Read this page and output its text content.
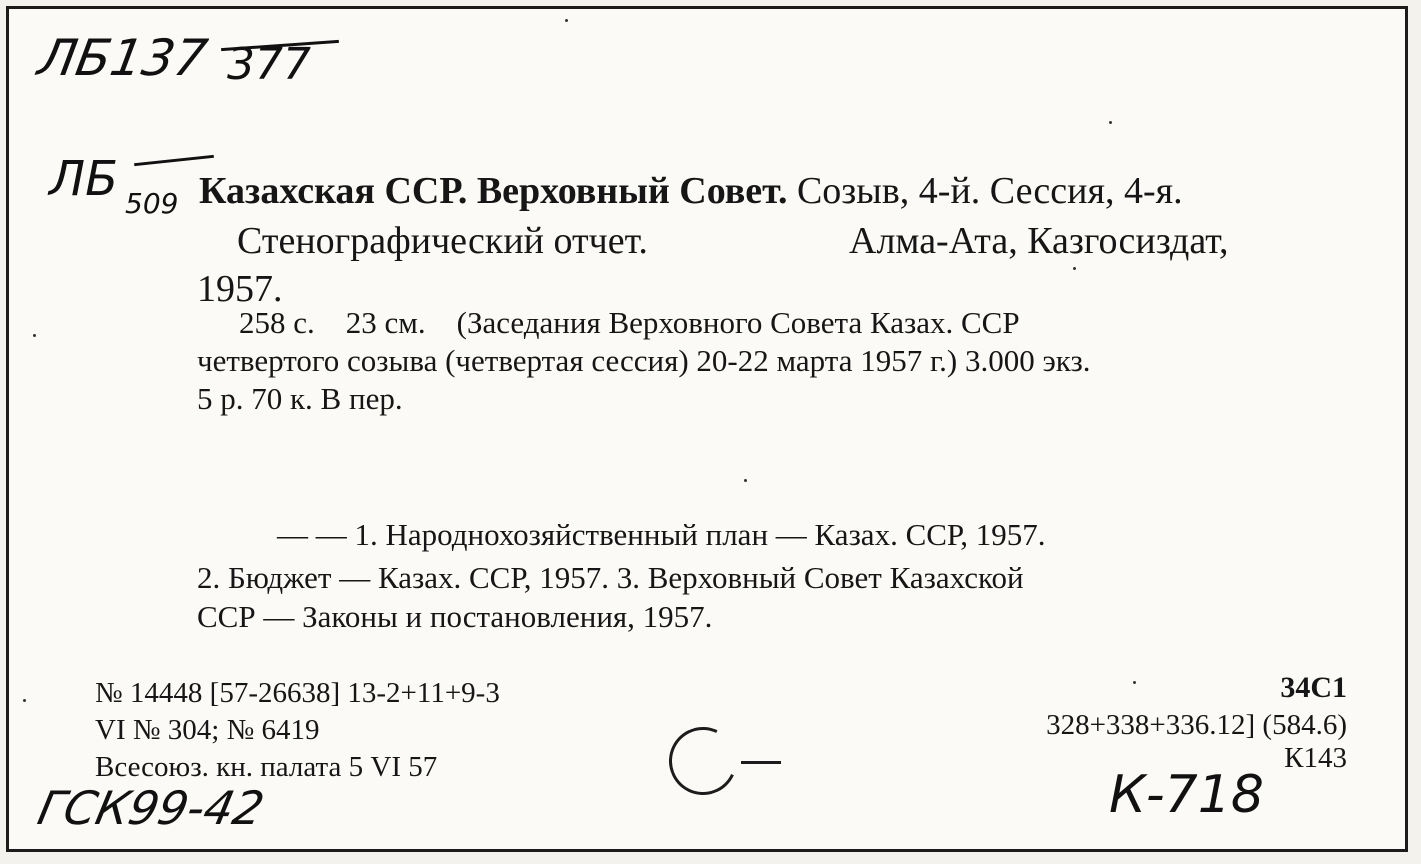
ЛБ137 377
ЛБ 509 Казахская ССР. Верховный Совет. Созыв, 4-й. Сессия, 4-я.
Стенографический отчет.	Алма-Ата, Казгосиздат,
1957.
258 с.    23 см.    (Заседания Верховного Совета Казах. ССР
четвертого созыва (четвертая сессия) 20-22 марта 1957 г.) 3.000 экз.
5 р. 70 к. В пер.
— — 1. Народнохозяйственный план — Казах. ССР, 1957.
2. Бюджет — Казах. ССР, 1957. 3. Верховный Совет Казахской
ССР — Законы и постановления, 1957.
№ 14448 [57-26638] 13-2+11+9-3
VI № 304; № 6419
Всесоюз. кн. палата 5 VI 57
34С1
328+338+336.12] (584.6)
К143
ГСК99-42	К-718
